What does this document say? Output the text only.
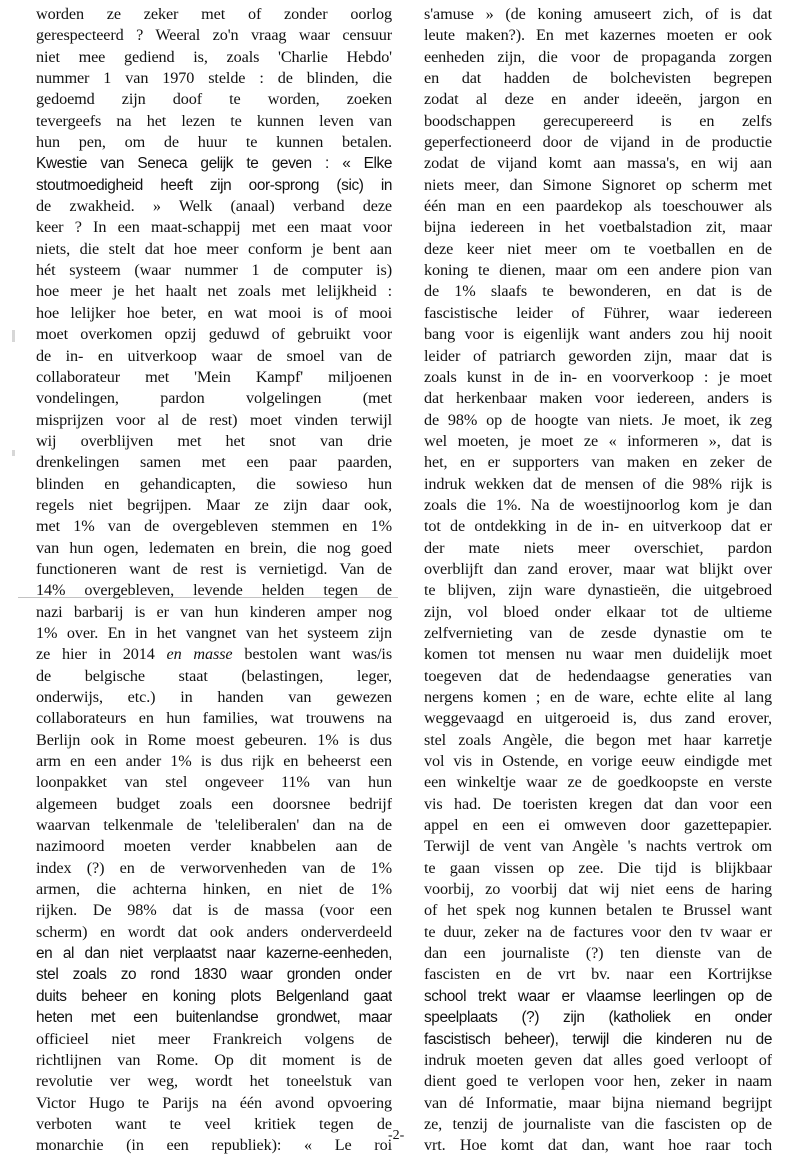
worden ze zeker met of zonder oorlog
gerespecteerd ? Weeral zo'n vraag waar censuur
niet mee gediend is, zoals 'Charlie Hebdo'
nummer 1 van 1970 stelde : de blinden, die
gedoemd zijn doof te worden, zoeken
tevergeefs na het lezen te kunnen leven van
hun pen, om de huur te kunnen betalen.
Kwestie van Seneca gelijk te geven : « Elke
stoutmoedigheid heeft zijn oor-sprong (sic) in
de zwakheid. » Welk (anaal) verband deze
keer ? In een maat-schappij met een maat voor
niets, die stelt dat hoe meer conform je bent aan
hét systeem (waar nummer 1 de computer is)
hoe meer je het haalt net zoals met lelijkheid :
hoe lelijker hoe beter, en wat mooi is of mooi
moet overkomen opzij geduwd of gebruikt voor
de in- en uitverkoop waar de smoel van de
collaborateur met 'Mein Kampf' miljoenen
vondelingen, pardon volgelingen (met
misprijzen voor al de rest) moet vinden terwijl
wij overblijven met het snot van drie
drenkelingen samen met een paar paarden,
blinden en gehandicapten, die sowieso hun
regels niet begrijpen. Maar ze zijn daar ook,
met 1% van de overgebleven stemmen en 1%
van hun ogen, ledematen en brein, die nog goed
functioneren want de rest is vernietigd. Van de
14% overgebleven, levende helden tegen de
nazi barbarij is er van hun kinderen amper nog
1% over. En in het vangnet van het systeem zijn
ze hier in 2014 en masse bestolen want was/is
de belgische staat (belastingen, leger,
onderwijs, etc.) in handen van gewezen
collaborateurs en hun families, wat trouwens na
Berlijn ook in Rome moest gebeuren. 1% is dus
arm en een ander 1% is dus rijk en beheerst een
loonpakket van stel ongeveer 11% van hun
algemeen budget zoals een doorsnee bedrijf
waarvan telkenmale de 'teleliberalen' dan na de
nazimoord moeten verder knabbelen aan de
index (?) en de verworvenheden van de 1%
armen, die achterna hinken, en niet de 1%
rijken. De 98% dat is de massa (voor een
scherm) en wordt dat ook anders onderverdeeld
en al dan niet verplaatst naar kazerne-eenheden,
stel zoals zo rond 1830 waar gronden onder
duits beheer en koning plots Belgenland gaat
heten met een buitenlandse grondwet, maar
officieel niet meer Frankreich volgens de
richtlijnen van Rome. Op dit moment is de
revolutie ver weg, wordt het toneelstuk van
Victor Hugo te Parijs na één avond opvoering
verboten want te veel kritiek tegen de
monarchie (in een republiek): « Le roi
s'amuse » (de koning amuseert zich, of is dat
leute maken?). En met kazernes moeten er ook
eenheden zijn, die voor de propaganda zorgen
en dat hadden de bolchevisten begrepen
zodat al deze en ander ideeën, jargon en
boodschappen gerecupereerd is en zelfs
geperfectioneerd door de vijand in de productie
zodat de vijand komt aan massa's, en wij aan
niets meer, dan Simone Signoret op scherm met
één man en een paardekop als toeschouwer als
bijna iedereen in het voetbalstadion zit, maar
deze keer niet meer om te voetballen en de
koning te dienen, maar om een andere pion van
de 1% slaafs te bewonderen, en dat is de
fascistische leider of Führer, waar iedereen
bang voor is eigenlijk want anders zou hij nooit
leider of patriarch geworden zijn, maar dat is
zoals kunst in de in- en voorverkoop : je moet
dat herkenbaar maken voor iedereen, anders is
de 98% op de hoogte van niets. Je moet, ik zeg
wel moeten, je moet ze « informeren », dat is
het, en er supporters van maken en zeker de
indruk wekken dat de mensen of die 98% rijk is
zoals die 1%. Na de woestijnoorlog kom je dan
tot de ontdekking in de in- en uitverkoop dat er
der mate niets meer overschiet, pardon
overblijft dan zand erover, maar wat blijkt over
te blijven, zijn ware dynastieën, die uitgebroed
zijn, vol bloed onder elkaar tot de ultieme
zelfvernieting van de zesde dynastie om te
komen tot mensen nu waar men duidelijk moet
toegeven dat de hedendaagse generaties van
nergens komen ; en de ware, echte elite al lang
weggevaagd en uitgeroeid is, dus zand erover,
stel zoals Angèle, die begon met haar karretje
vol vis in Ostende, en vorige eeuw eindigde met
een winkeltje waar ze de goedkoopste en verste
vis had. De toeristen kregen dat dan voor een
appel en een ei omweven door gazettepapier.
Terwijl de vent van Angèle 's nachts vertrok om
te gaan vissen op zee. Die tijd is blijkbaar
voorbij, zo voorbij dat wij niet eens de haring
of het spek nog kunnen betalen te Brussel want
te duur, zeker na de factures voor den tv waar er
dan een journaliste (?) ten dienste van de
fascisten en de vrt bv. naar een Kortrijkse
school trekt waar er vlaamse leerlingen op de
speelplaats (?) zijn (katholiek en onder
fascistisch beheer), terwijl die kinderen nu de
indruk moeten geven dat alles goed verloopt of
dient goed te verlopen voor hen, zeker in naam
van dé Informatie, maar bijna niemand begrijpt
ze, tenzij de journaliste van die fascisten op de
vrt. Hoe komt dat dan, want hoe raar toch
-2-
